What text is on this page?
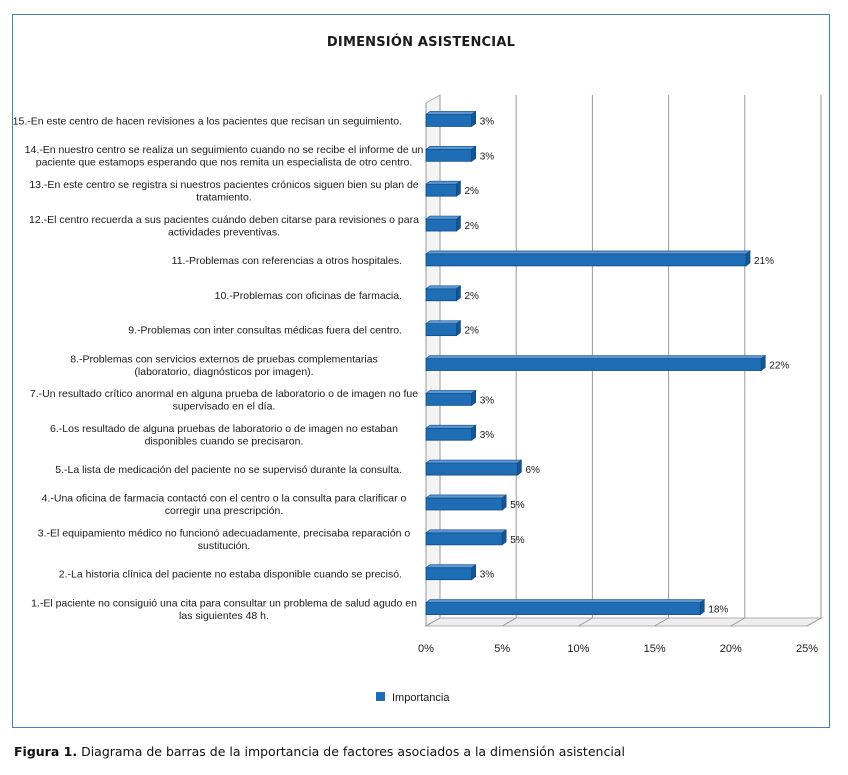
DIMENSIÓN ASISTENCIAL
0%	5%	10%	15%	20%	25%
15.-En este centro de hacen revisiones a los pacientes que recisan un seguimiento.	3%
14.-En nuestro centro se realiza un seguimiento cuando no se recibe el informe de un paciente que estamops esperando que nos remita un especialista de otro centro.	3%
13.-En este centro se registra si nuestros pacientes crónicos siguen bien su plan de tratamiento.	2%
12.-El centro recuerda a sus pacientes cuándo deben citarse para revisiones o para actividades preventivas.	2%
11.-Problemas con referencias a otros hospitales.	21%
10.-Problemas con oficinas de farmacia.	2%
9.-Problemas con inter consultas médicas fuera del centro.	2%
8.-Problemas con servicios externos de pruebas complementarias (laboratorio, diagnósticos por imagen).	22%
7.-Un resultado crítico anormal en alguna prueba de laboratorio o de imagen no fue supervisado en el día.	3%
6.-Los resultado de alguna pruebas de laboratorio o de imagen no estaban disponibles cuando se precisaron.	3%
5.-La lista de medicación del paciente no se supervisó durante la consulta.	6%
4.-Una oficina de farmacia contactó con el centro o la consulta para clarificar o corregir una prescripción.	5%
3.-El equipamiento médico no funcionó adecuadamente, precisaba reparación o sustitución.	5%
2.-La historia clínica del paciente no estaba disponible cuando se precisó.	3%
1.-El paciente no consiguió una cita para consultar un problema de salud agudo en las siguientes 48 h.	18%
Importancia
Figura 1. Diagrama de barras de la importancia de factores asociados a la dimensión asistencial
